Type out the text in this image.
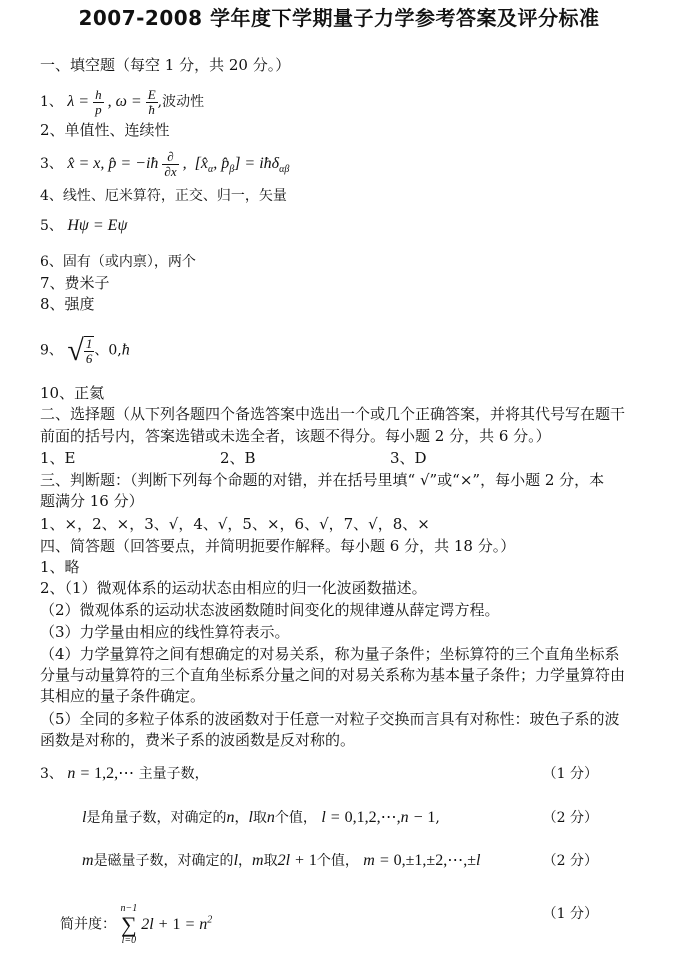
2007-2008 学年度下学期量子力学参考答案及评分标准
一、填空题（每空 1 分，共 20 分。）
1、 $\lambda = \frac{h}{p}$ , $\omega = \frac{E}{ħ}$ ,波动性
2、单值性、连续性
3、 x̂ = x, p̂ = −iħ $\frac{\partial}{\partial x}$ ,  [$x̂_\alpha$, $p̂_\beta$] = iħδ$_{\alpha\beta}$
4、线性、厄米算符，正交、归一，矢量
5、 Hψ = Eψ
6、固有（或内禀），两个
7、费米子
8、强度
9、 √ $\frac{1}{6}$ 、0,ħ
10、正氦
二、选择题（从下列各题四个备选答案中选出一个或几个正确答案，并将其代号写在题干
前面的括号内，答案选错或未选全者，该题不得分。每小题 2 分，共 6 分。）
1、E	2、B	3、D
三、判断题：（判断下列每个命题的对错，并在括号里填“ √”或“×”，每小题 2 分，本
题满分 16 分）
1、×，2、×，3、√，4、√，5、×，6、√，7、√，8、×
四、简答题（回答要点，并简明扼要作解释。每小题 6 分，共 18 分。）
1、略
2、（1）微观体系的运动状态由相应的归一化波函数描述。
（2）微观体系的运动状态波函数随时间变化的规律遵从薛定谔方程。
（3）力学量由相应的线性算符表示。
（4）力学量算符之间有想确定的对易关系，称为量子条件；坐标算符的三个直角坐标系分量与动量算符的三个直角坐标系分量之间的对易关系称为基本量子条件；力学量算符由其相应的量子条件确定。
（5）全同的多粒子体系的波函数对于任意一对粒子交换而言具有对称性：玻色子系的波函数是对称的，费米子系的波函数是反对称的。
3、 n = 1,2,⋯ 主量子数，	（1 分）
l是角量子数，对确定的n，l取n个值， l = 0,1,2,⋯,n − 1,	（2 分）
m是磁量子数，对确定的l，m取2l + 1个值， m = 0,±1,±2,⋯,±l	（2 分）
简并度： n−1
∑
l=0 $2l + 1 = n^2$	（1 分）
